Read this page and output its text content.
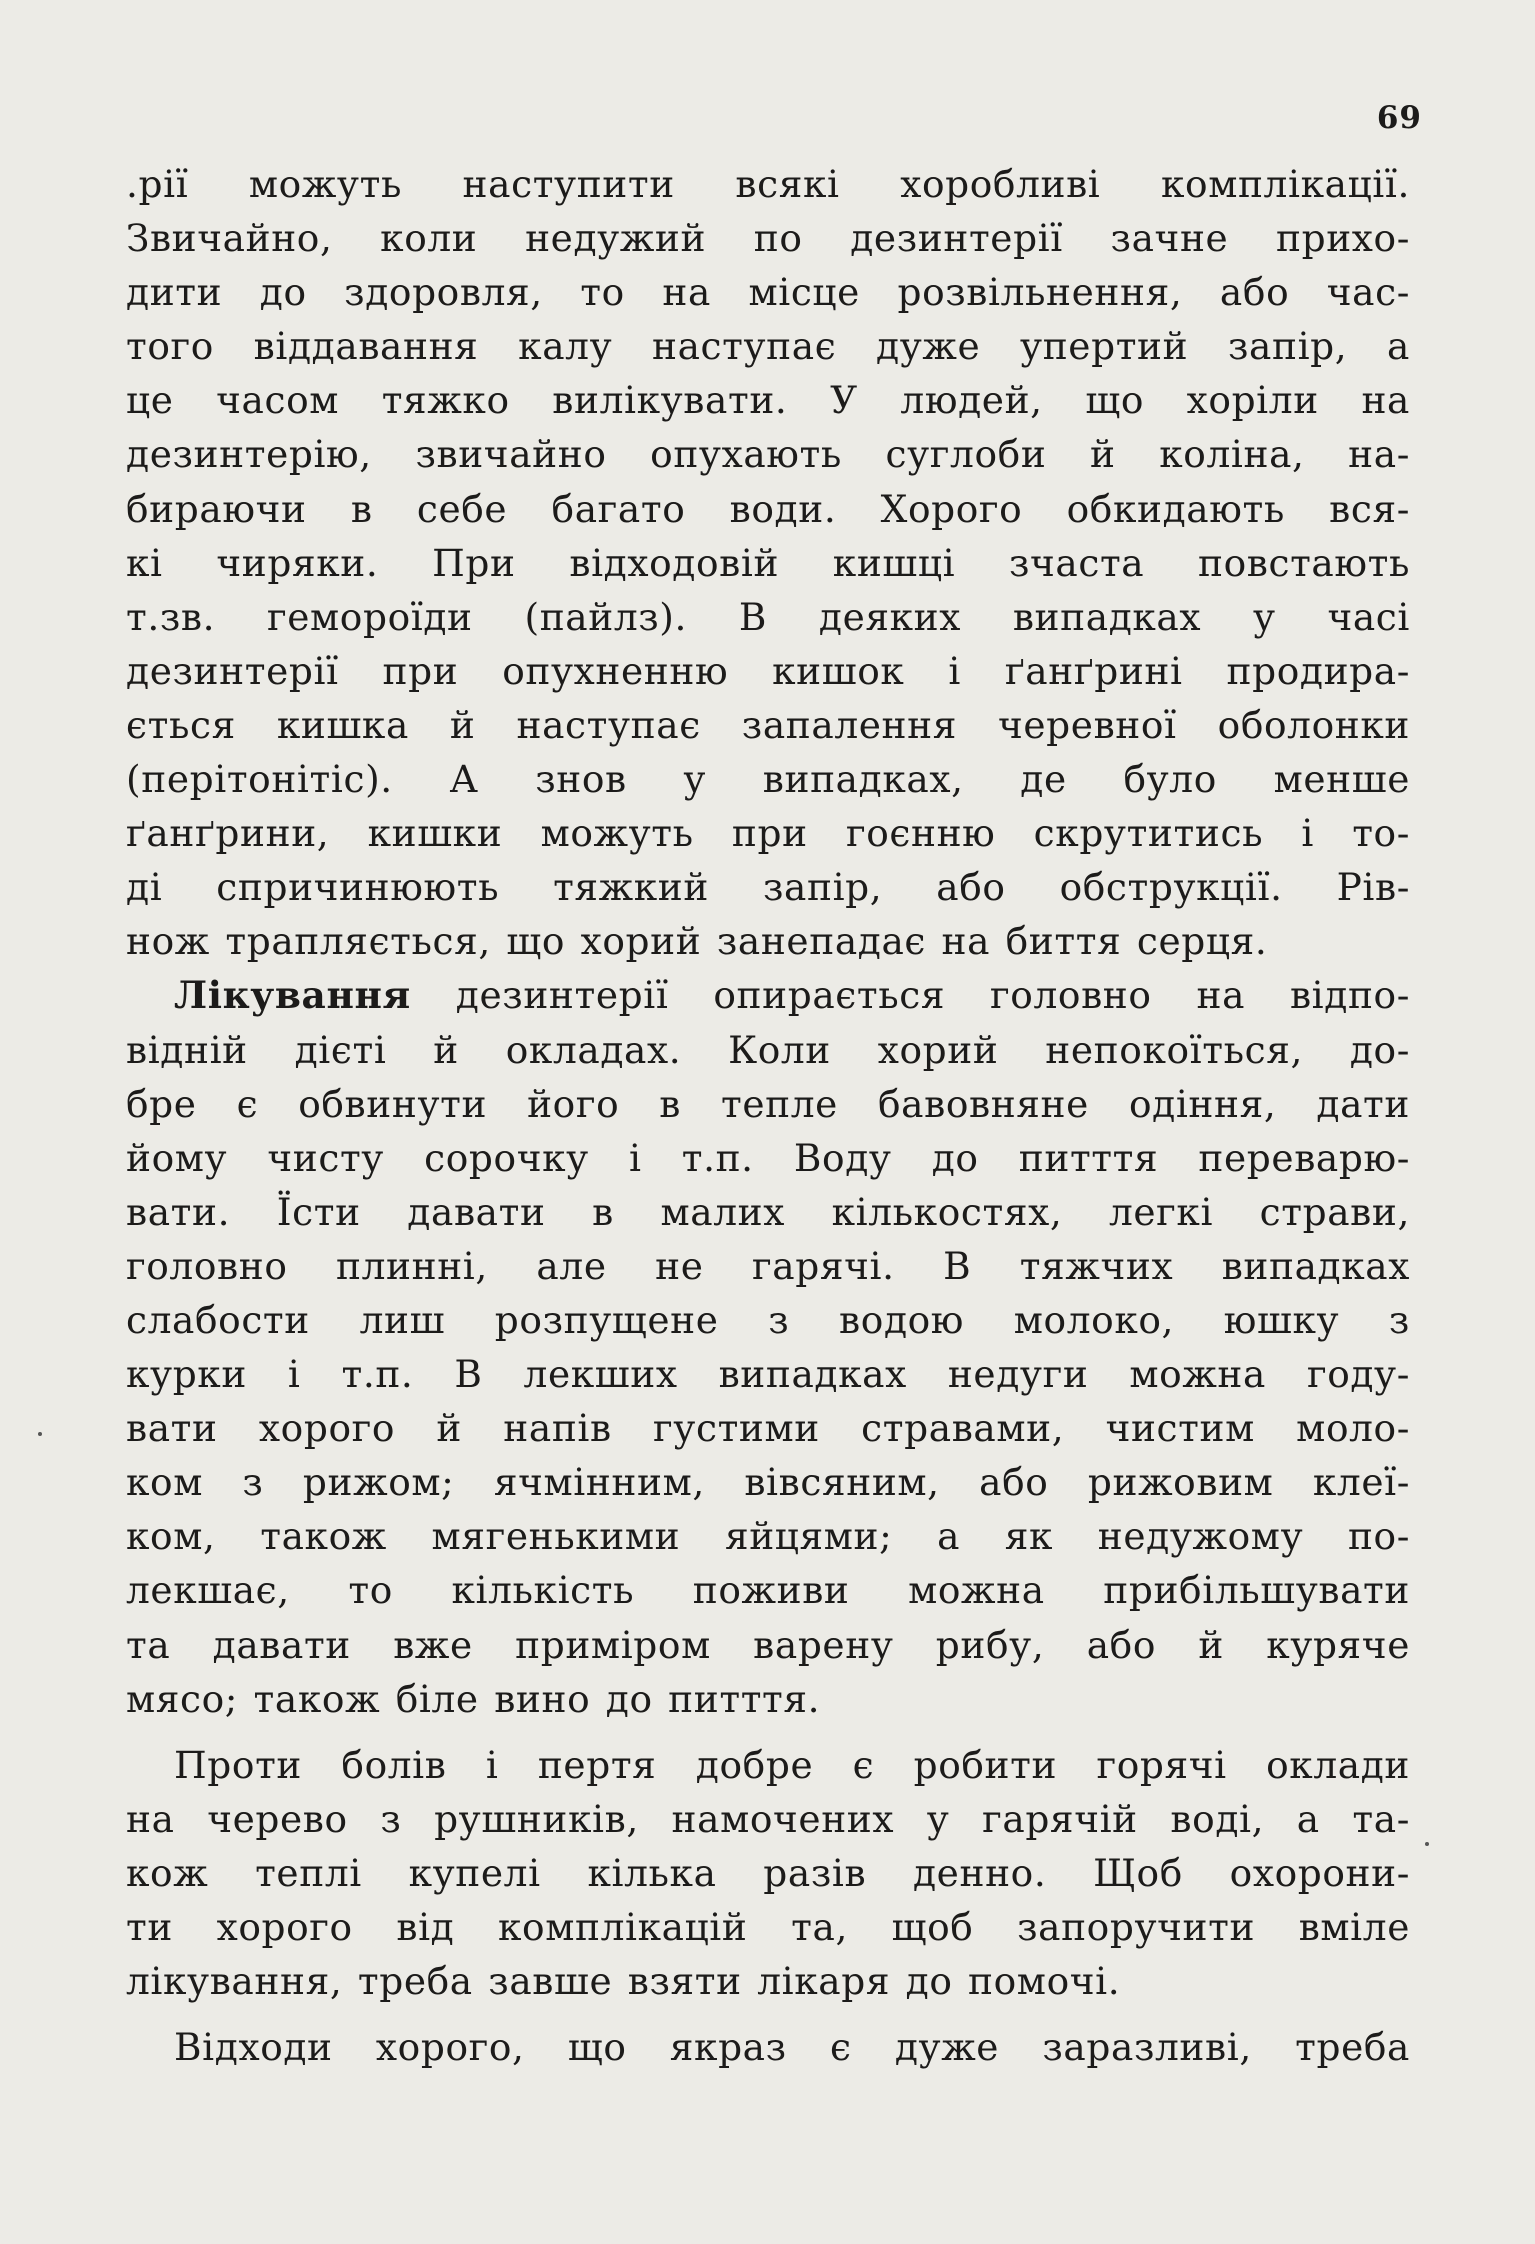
69
.рії можуть наступити всякі хоробливі комплікації.
Звичайно, коли недужий по дезинтерії зачне прихо-
дити до здоровля, то на місце розвільнення, або час-
того віддавання калу наступає дуже упертий запір, а
це часом тяжко вилікувати. У людей, що хоріли на
дезинтерію, звичайно опухають суглоби й коліна, на-
бираючи в себе багато води. Хорого обкидають вся-
кі чиряки. При відходовій кишці зчаста повстають
т.зв. гемороїди (пайлз). В деяких випадках у часі
дезинтерії при опухненню кишок і ґанґрині продира-
ється кишка й наступає запалення черевної оболонки
(перітонітіс). А знов у випадках, де було менше
ґанґрини, кишки можуть при гоєнню скрутитись і то-
ді спричинюють тяжкий запір, або обструкції. Рів-
нож трапляється, що хорий занепадає на биття серця.
Лікування дезинтерії опирається головно на відпо-
відній дієті й окладах. Коли хорий непокоїться, до-
бре є обвинути його в тепле бавовняне одіння, дати
йому чисту сорочку і т.п. Воду до питття переварю-
вати. Їсти давати в малих кількостях, легкі страви,
головно плинні, але не гарячі. В тяжчих випадках
слабости лиш розпущене з водою молоко, юшку з
курки і т.п. В лекших випадках недуги можна году-
вати хорого й напів густими стравами, чистим моло-
ком з рижом; ячмінним, вівсяним, або рижовим клеї-
ком, також мягенькими яйцями; а як недужому по-
лекшає, то кількість поживи можна прибільшувати
та давати вже приміром варену рибу, або й куряче
мясо; також біле вино до питття.
Проти болів і пертя добре є робити горячі оклади
на черево з рушників, намочених у гарячій воді, а та-
кож теплі купелі кілька разів денно. Щоб охорони-
ти хорого від комплікацій та, щоб запоручити вміле
лікування, треба завше взяти лікаря до помочі.
Відходи хорого, що якраз є дуже заразливі, треба
